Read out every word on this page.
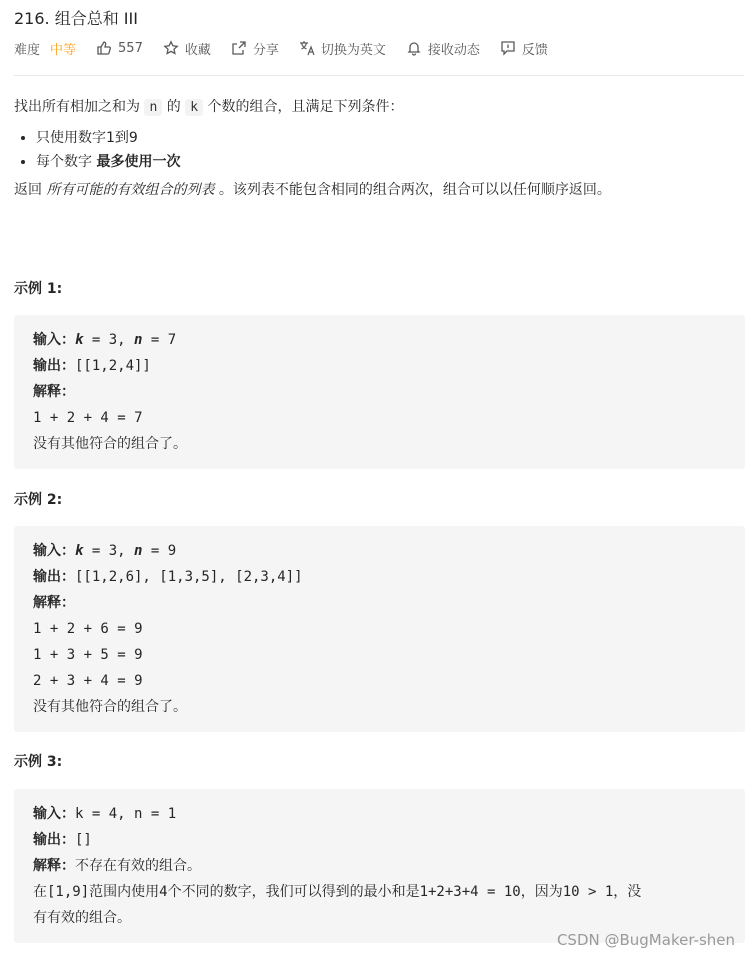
216. 组合总和 III
难度 中等	557	收藏	分享	切换为英文	接收动态	反馈
找出所有相加之和为 n 的 k 个数的组合，且满足下列条件：
• 只使用数字1到9
• 每个数字 最多使用一次
返回 所有可能的有效组合的列表 。该列表不能包含相同的组合两次，组合可以以任何顺序返回。
示例 1:
输入：k = 3, n = 7
输出：[[1,2,4]]
解释：
1 + 2 + 4 = 7
没有其他符合的组合了。
示例 2:
输入：k = 3, n = 9
输出：[[1,2,6], [1,3,5], [2,3,4]]
解释：
1 + 2 + 6 = 9
1 + 3 + 5 = 9
2 + 3 + 4 = 9
没有其他符合的组合了。
示例 3:
输入：k = 4, n = 1
输出：[]
解释：不存在有效的组合。
在[1,9]范围内使用4个不同的数字，我们可以得到的最小和是1+2+3+4 = 10，因为10 > 1，没
有有效的组合。
CSDN @BugMaker-shen
